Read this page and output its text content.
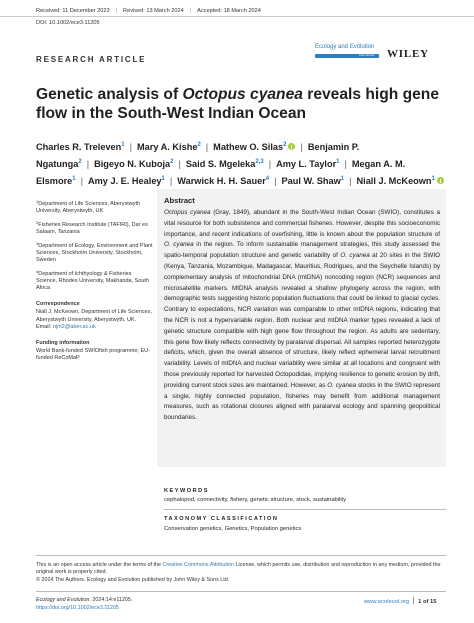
Received: 11 December 2023 | Revised: 13 March 2024 | Accepted: 18 March 2024
DOI: 10.1002/ece3.11205
RESEARCH ARTICLE
Ecology and Evolution
Open Access WILEY
Genetic analysis of Octopus cyanea reveals high gene flow in the South-West Indian Ocean
Charles R. Treleven$^1$ | Mary A. Kishe$^2$ | Mathew O. Silas$^2$ | Benjamin P. Ngatunga$^2$ | Bigeyo N. Kuboja$^2$ | Said S. Mgeleka$^{2,3}$ | Amy L. Taylor$^1$ | Megan A. M. Elsmore$^1$ | Amy J. E. Healey$^1$ | Warwick H. H. Sauer$^4$ | Paul W. Shaw$^1$ | Niall J. McKeown$^1$
$^1$Department of Life Sciences, Aberystwyth University, Aberystwyth, UK
$^2$Fisheries Research Institute (TAFIRI), Dar es Salaam, Tanzania
$^3$Department of Ecology, Environment and Plant Sciences, Stockholm University, Stockholm, Sweden
$^4$Department of Ichthyology & Fisheries Science, Rhodes University, Makhanda, South Africa
Correspondence
Niall J. McKeown, Department of Life Sciences, Aberystwyth University, Aberystwyth, UK.
Email: njm2@aber.ac.uk
Funding information
World Bank-funded SWIOfish programme; EU-funded ReCoMaP
Abstract
Octopus cyanea (Gray, 1849), abundant in the South-West Indian Ocean (SWIO), constitutes a vital resource for both subsistence and commercial fisheries. However, despite this socioeconomic importance, and recent indications of overfishing, little is known about the population structure of O. cyanea in the region. To inform sustainable management strategies, this study assessed the spatio-temporal population structure and genetic variability of O. cyanea at 20 sites in the SWIO (Kenya, Tanzania, Mozambique, Madagascar, Mauritius, Rodrigues, and the Seychelle Islands) by complementary analysis of mitochondrial DNA (mtDNA) noncoding region (NCR) sequences and microsatellite markers. MtDNA analysis revealed a shallow phylogeny across the region, with demographic tests suggesting historic population fluctuations that could be linked to glacial cycles. Contrary to expectations, NCR variation was comparable to other mtDNA regions, indicating that the NCR is not a hypervariable region. Both nuclear and mtDNA marker types revealed a lack of genetic structure compatible with high gene flow throughout the region. As adults are sedentary, this gene flow likely reflects connectivity by paralarval dispersal. All samples reported heterozygote deficits, which, given the overall absence of structure, likely reflect ephemeral larval recruitment variability. Levels of mtDNA and nuclear variability were similar at all locations and congruent with those previously reported for harvested Octopodidae, implying resilience to genetic erosion by drift, providing current stock sizes are maintained. However, as O. cyanea stocks in the SWIO represent a single, highly connected population, fisheries may benefit from additional management measures, such as rotational closures aligned with paralarval ecology and spanning geopolitical boundaries.
KEYWORDS
cephalopod, connectivity, fishery, genetic structure, stock, sustainability
TAXONOMY CLASSIFICATION
Conservation genetics, Genetics, Population genetics
This is an open access article under the terms of the Creative Commons Attribution License, which permits use, distribution and reproduction in any medium, provided the original work is properly cited.
© 2024 The Authors. Ecology and Evolution published by John Wiley & Sons Ltd.
Ecology and Evolution. 2024;14:e11205.
https://doi.org/10.1002/ece3.11205
www.ecolevol.org 1 of 15
